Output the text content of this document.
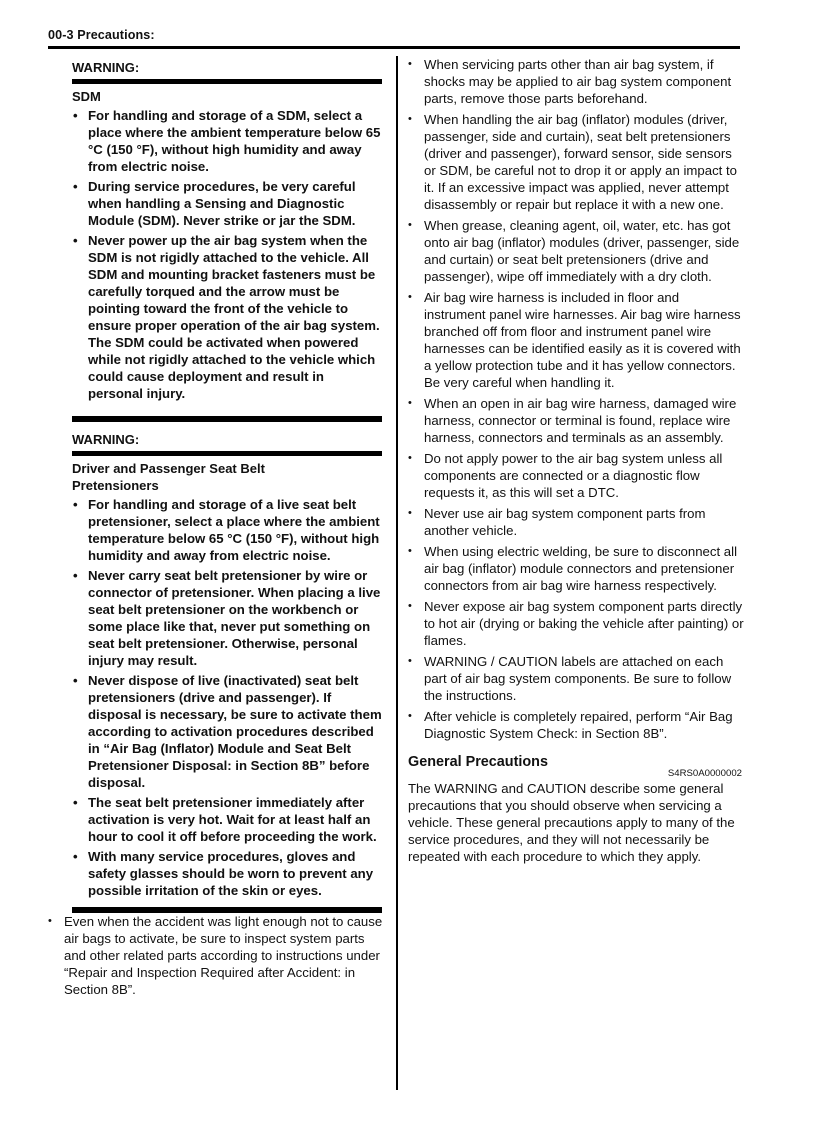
00-3 Precautions:
WARNING:
SDM
• For handling and storage of a SDM, select a place where the ambient temperature below 65 °C (150 °F), without high humidity and away from electric noise.
• During service procedures, be very careful when handling a Sensing and Diagnostic Module (SDM). Never strike or jar the SDM.
• Never power up the air bag system when the SDM is not rigidly attached to the vehicle. All SDM and mounting bracket fasteners must be carefully torqued and the arrow must be pointing toward the front of the vehicle to ensure proper operation of the air bag system.
The SDM could be activated when powered while not rigidly attached to the vehicle which could cause deployment and result in personal injury.
WARNING:
Driver and Passenger Seat Belt Pretensioners
• For handling and storage of a live seat belt pretensioner, select a place where the ambient temperature below 65 °C (150 °F), without high humidity and away from electric noise.
• Never carry seat belt pretensioner by wire or connector of pretensioner. When placing a live seat belt pretensioner on the workbench or some place like that, never put something on seat belt pretensioner. Otherwise, personal injury may result.
• Never dispose of live (inactivated) seat belt pretensioners (drive and passenger). If disposal is necessary, be sure to activate them according to activation procedures described in “Air Bag (Inflator) Module and Seat Belt Pretensioner Disposal: in Section 8B” before disposal.
• The seat belt pretensioner immediately after activation is very hot. Wait for at least half an hour to cool it off before proceeding the work.
• With many service procedures, gloves and safety glasses should be worn to prevent any possible irritation of the skin or eyes.
• Even when the accident was light enough not to cause air bags to activate, be sure to inspect system parts and other related parts according to instructions under “Repair and Inspection Required after Accident: in Section 8B”.
• When servicing parts other than air bag system, if shocks may be applied to air bag system component parts, remove those parts beforehand.
• When handling the air bag (inflator) modules (driver, passenger, side and curtain), seat belt pretensioners (driver and passenger), forward sensor, side sensors or SDM, be careful not to drop it or apply an impact to it. If an excessive impact was applied, never attempt disassembly or repair but replace it with a new one.
• When grease, cleaning agent, oil, water, etc. has got onto air bag (inflator) modules (driver, passenger, side and curtain) or seat belt pretensioners (drive and passenger), wipe off immediately with a dry cloth.
• Air bag wire harness is included in floor and instrument panel wire harnesses. Air bag wire harness branched off from floor and instrument panel wire harnesses can be identified easily as it is covered with a yellow protection tube and it has yellow connectors. Be very careful when handling it.
• When an open in air bag wire harness, damaged wire harness, connector or terminal is found, replace wire harness, connectors and terminals as an assembly.
• Do not apply power to the air bag system unless all components are connected or a diagnostic flow requests it, as this will set a DTC.
• Never use air bag system component parts from another vehicle.
• When using electric welding, be sure to disconnect all air bag (inflator) module connectors and pretensioner connectors from air bag wire harness respectively.
• Never expose air bag system component parts directly to hot air (drying or baking the vehicle after painting) or flames.
• WARNING / CAUTION labels are attached on each part of air bag system components. Be sure to follow the instructions.
• After vehicle is completely repaired, perform “Air Bag Diagnostic System Check: in Section 8B”.
General Precautions
S4RS0A0000002
The WARNING and CAUTION describe some general precautions that you should observe when servicing a vehicle. These general precautions apply to many of the service procedures, and they will not necessarily be repeated with each procedure to which they apply.
